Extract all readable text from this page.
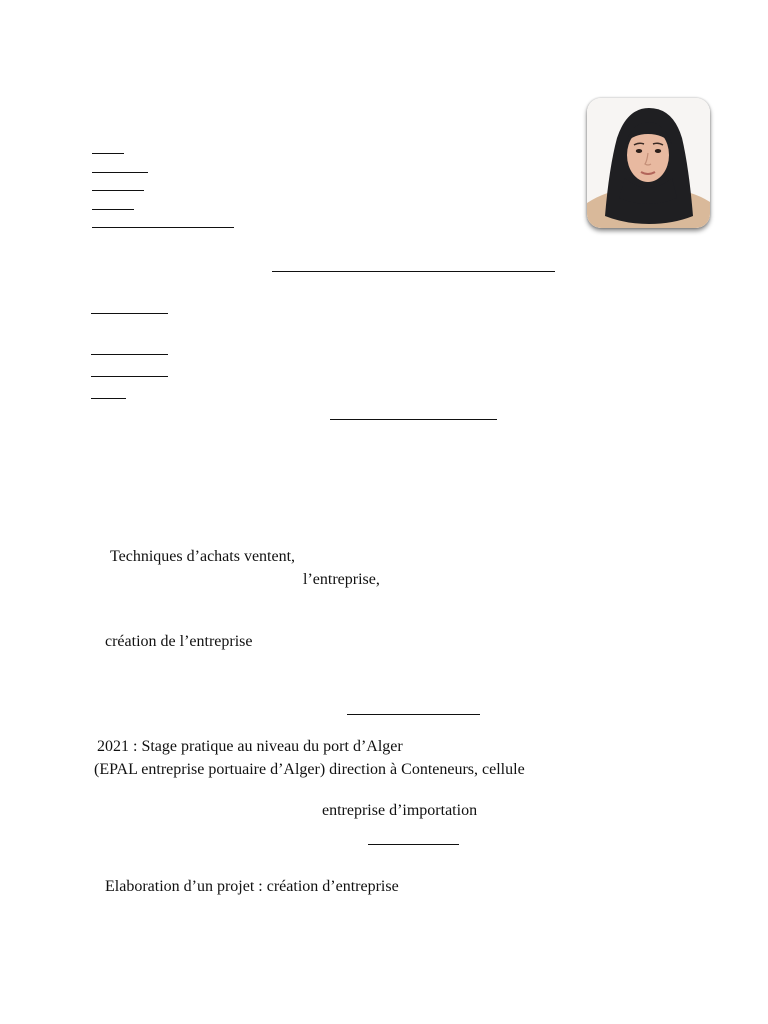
Techniques d’achats ventent,
l’entreprise,
création de l’entreprise
2021 : Stage pratique au niveau du port d’Alger
(EPAL entreprise portuaire d’Alger) direction à Conteneurs, cellule
entreprise d’importation
Elaboration d’un projet : création d’entreprise
